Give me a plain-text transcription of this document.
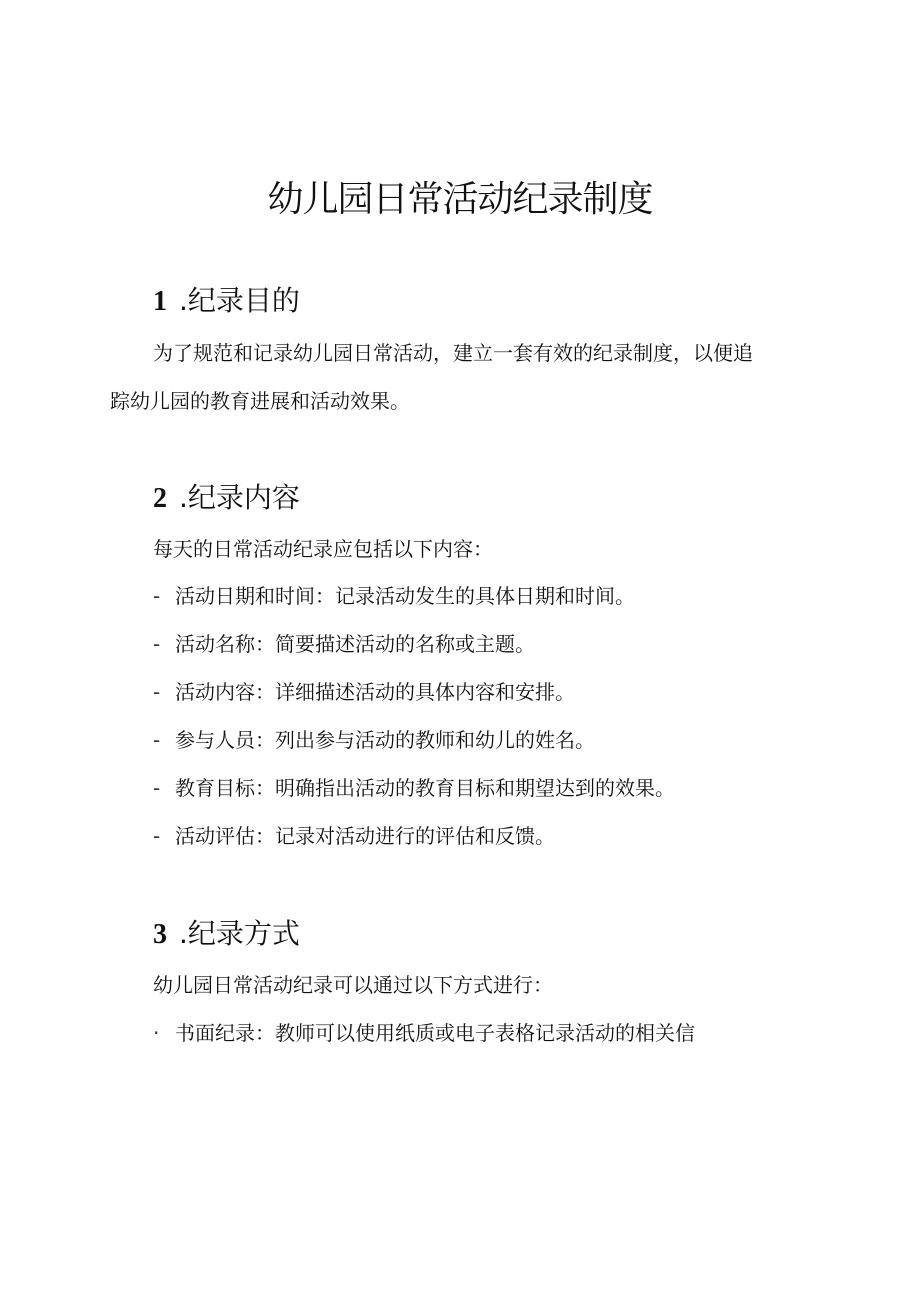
幼儿园日常活动纪录制度
1 .纪录目的

为了规范和记录幼儿园日常活动，建立一套有效的纪录制度，以便追

踪幼儿园的教育进展和活动效果。

2 .纪录内容

每天的日常活动纪录应包括以下内容：

- 活动日期和时间：记录活动发生的具体日期和时间。

- 活动名称：简要描述活动的名称或主题。

- 活动内容：详细描述活动的具体内容和安排。

- 参与人员：列出参与活动的教师和幼儿的姓名。

- 教育目标：明确指出活动的教育目标和期望达到的效果。

- 活动评估：记录对活动进行的评估和反馈。

3 .纪录方式

幼儿园日常活动纪录可以通过以下方式进行：

· 书面纪录：教师可以使用纸质或电子表格记录活动的相关信
